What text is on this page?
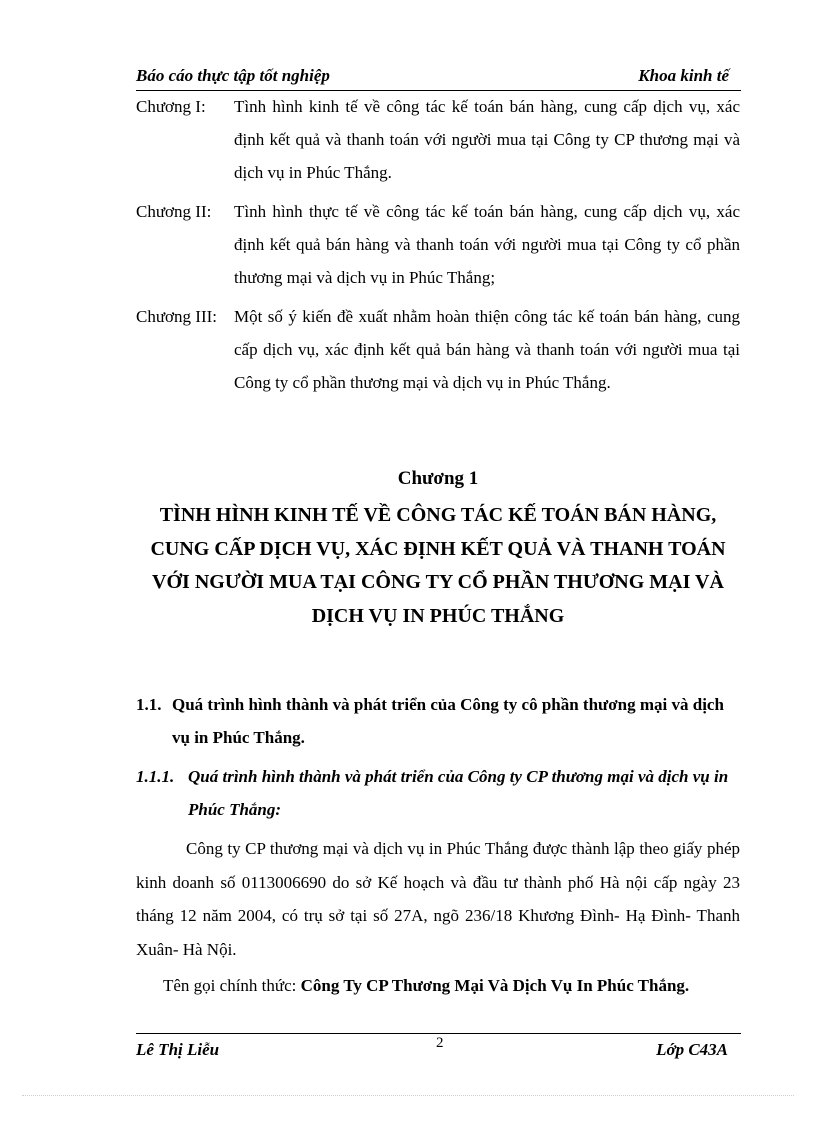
Báo cáo thực tập tốt nghiệp	Khoa kinh tế
Chương I: Tình hình kinh tế về công tác kế toán bán hàng, cung cấp dịch vụ, xác định kết quả và thanh toán với người mua tại Công ty CP thương mại và dịch vụ in Phúc Thắng.
Chương II: Tình hình thực tế về công tác kế toán bán hàng, cung cấp dịch vụ, xác định kết quả bán hàng và thanh toán với người mua tại Công ty cổ phần thương mại và dịch vụ in Phúc Thắng;
Chương III: Một số ý kiến đề xuất nhằm hoàn thiện công tác kế toán bán hàng, cung cấp dịch vụ, xác định kết quả bán hàng và thanh toán với người mua tại Công ty cổ phần thương mại và dịch vụ in Phúc Thắng.
Chương 1
TÌNH HÌNH KINH TẾ VỀ CÔNG TÁC KẾ TOÁN BÁN HÀNG, CUNG CẤP DỊCH VỤ, XÁC ĐỊNH KẾT QUẢ VÀ THANH TOÁN VỚI NGƯỜI MUA TẠI CÔNG TY CỔ PHẦN THƯƠNG MẠI VÀ DỊCH VỤ IN PHÚC THẮNG
1.1. Quá trình hình thành và phát triển của Công ty cô phần thương mại và dịch vụ in Phúc Thắng.
1.1.1. Quá trình hình thành và phát triển của Công ty CP thương mại và dịch vụ in Phúc Thắng:
Công ty CP thương mại và dịch vụ in Phúc Thắng được thành lập theo giấy phép kinh doanh số 0113006690 do sở Kế hoạch và đầu tư thành phố Hà nội cấp ngày 23 tháng 12 năm 2004, có trụ sở tại số 27A, ngõ 236/18 Khương Đình- Hạ Đình- Thanh Xuân- Hà Nội.
Tên gọi chính thức: Công Ty CP Thương Mại Và Dịch Vụ In Phúc Thắng.
Lê Thị Liễu	2	Lớp C43A
